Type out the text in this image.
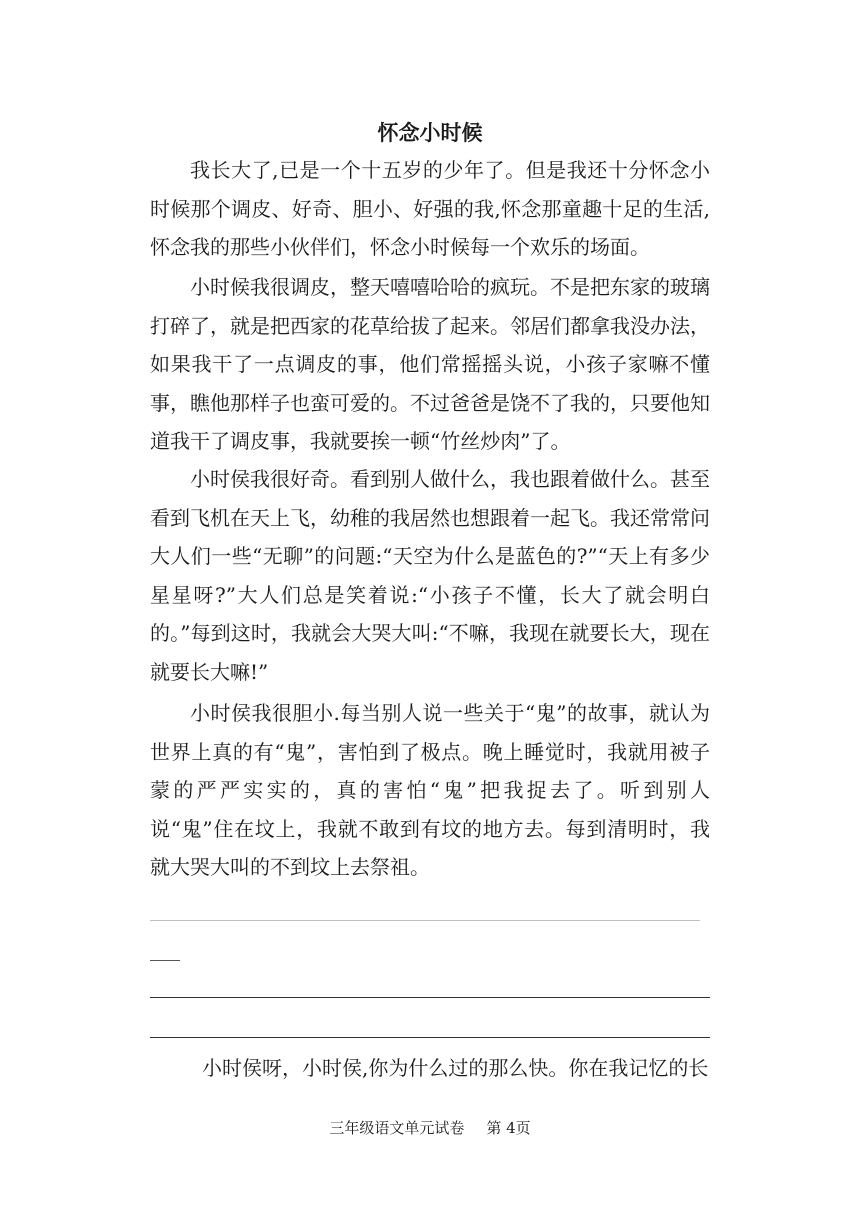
怀念小时候

我长大了,已是一个十五岁的少年了。但是我还十分怀念小时候那个调皮、好奇、胆小、好强的我,怀念那童趣十足的生活,怀念我的那些小伙伴们，怀念小时候每一个欢乐的场面。

小时候我很调皮，整天嘻嘻哈哈的疯玩。不是把东家的玻璃打碎了，就是把西家的花草给拔了起来。邻居们都拿我没办法，如果我干了一点调皮的事，他们常摇摇头说，小孩子家嘛不懂事，瞧他那样子也蛮可爱的。不过爸爸是饶不了我的，只要他知道我干了调皮事，我就要挨一顿“竹丝炒肉”了。

小时侯我很好奇。看到别人做什么，我也跟着做什么。甚至看到飞机在天上飞，幼稚的我居然也想跟着一起飞。我还常常问大人们一些“无聊”的问题:“天空为什么是蓝色的?”“天上有多少星星呀?”大人们总是笑着说:“小孩子不懂，长大了就会明白的。”每到这时，我就会大哭大叫:“不嘛，我现在就要长大，现在就要长大嘛!”

小时侯我很胆小.每当别人说一些关于“鬼”的故事，就认为世界上真的有“鬼”，害怕到了极点。晚上睡觉时，我就用被子蒙的严严实实的，真的害怕“鬼”把我捉去了。听到别人说“鬼”住在坟上，我就不敢到有坟的地方去。每到清明时，我就大哭大叫的不到坟上去祭祖。

小时侯呀，小时侯,你为什么过的那么快。你在我记忆的长
三年级语文单元试卷 第 4页
